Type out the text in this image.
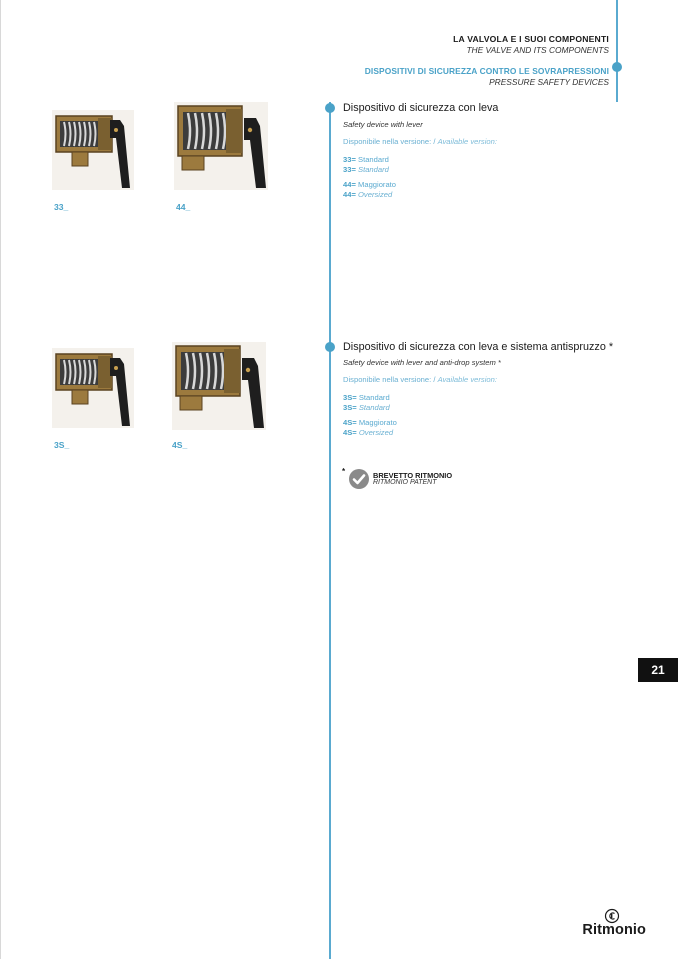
LA VALVOLA E I SUOI COMPONENTI
THE VALVE AND ITS COMPONENTS
DISPOSITIVI DI SICUREZZA CONTRO LE SOVRAPRESSIONI
PRESSURE SAFETY DEVICES
Dispositivo di sicurezza con leva
Safety device with lever
Disponibile nella versione: / Available version:
33= Standard
33= Standard
44= Maggiorato
44= Oversized
33_	44_
Dispositivo di sicurezza con leva e sistema antispruzzo *
Safety device with lever and anti-drop system *
Disponibile nella versione: / Available version:
3S= Standard
3S= Standard
4S= Maggiorato
4S= Oversized
3S_	4S_
*	BREVETTO RITMONIO
RITMONIO PATENT
21
Ritmonio
